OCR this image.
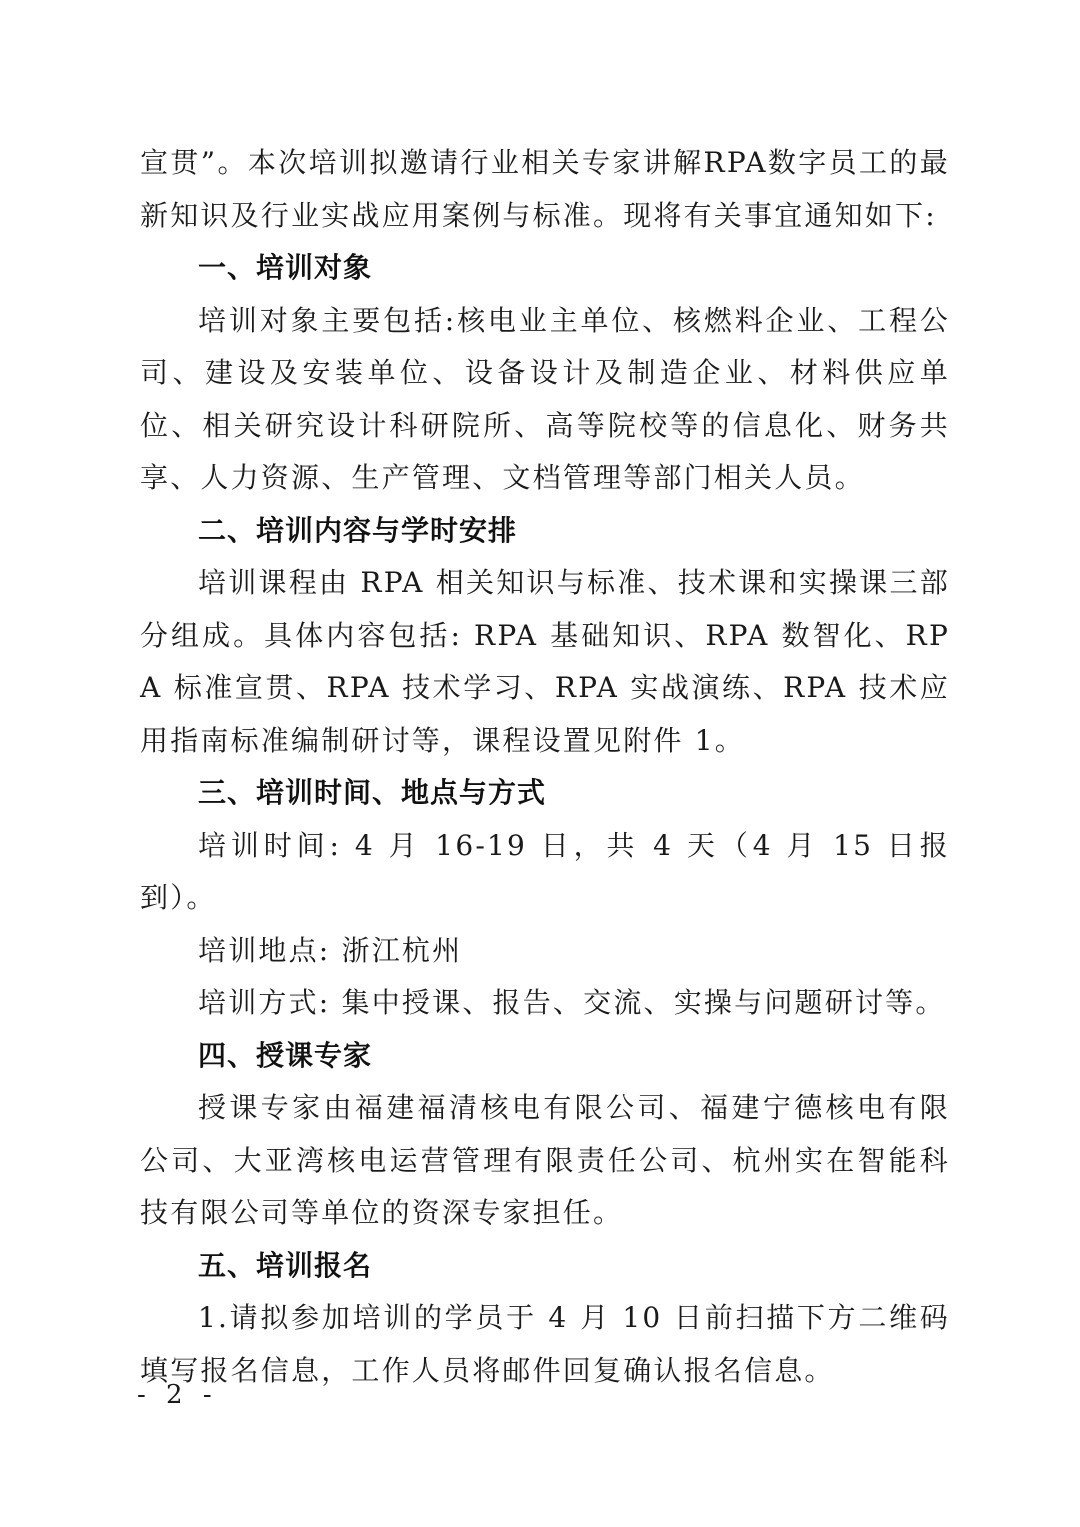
宣贯”。本次培训拟邀请行业相关专家讲解RPA数字员工的最新知识及行业实战应用案例与标准。现将有关事宜通知如下:

一、培训对象

培训对象主要包括:核电业主单位、核燃料企业、工程公司、建设及安装单位、设备设计及制造企业、材料供应单位、相关研究设计科研院所、高等院校等的信息化、财务共享、人力资源、生产管理、文档管理等部门相关人员。

二、培训内容与学时安排

培训课程由 RPA 相关知识与标准、技术课和实操课三部分组成。具体内容包括: RPA 基础知识、RPA 数智化、RPA 标准宣贯、RPA 技术学习、RPA 实战演练、RPA 技术应用指南标准编制研讨等，课程设置见附件 1。

三、培训时间、地点与方式

培训时间: 4 月 16-19 日，共 4 天（4 月 15 日报到）。

培训地点: 浙江杭州

培训方式: 集中授课、报告、交流、实操与问题研讨等。

四、授课专家

授课专家由福建福清核电有限公司、福建宁德核电有限公司、大亚湾核电运营管理有限责任公司、杭州实在智能科技有限公司等单位的资深专家担任。

五、培训报名

1.请拟参加培训的学员于 4 月 10 日前扫描下方二维码填写报名信息，工作人员将邮件回复确认报名信息。

- 2 -
